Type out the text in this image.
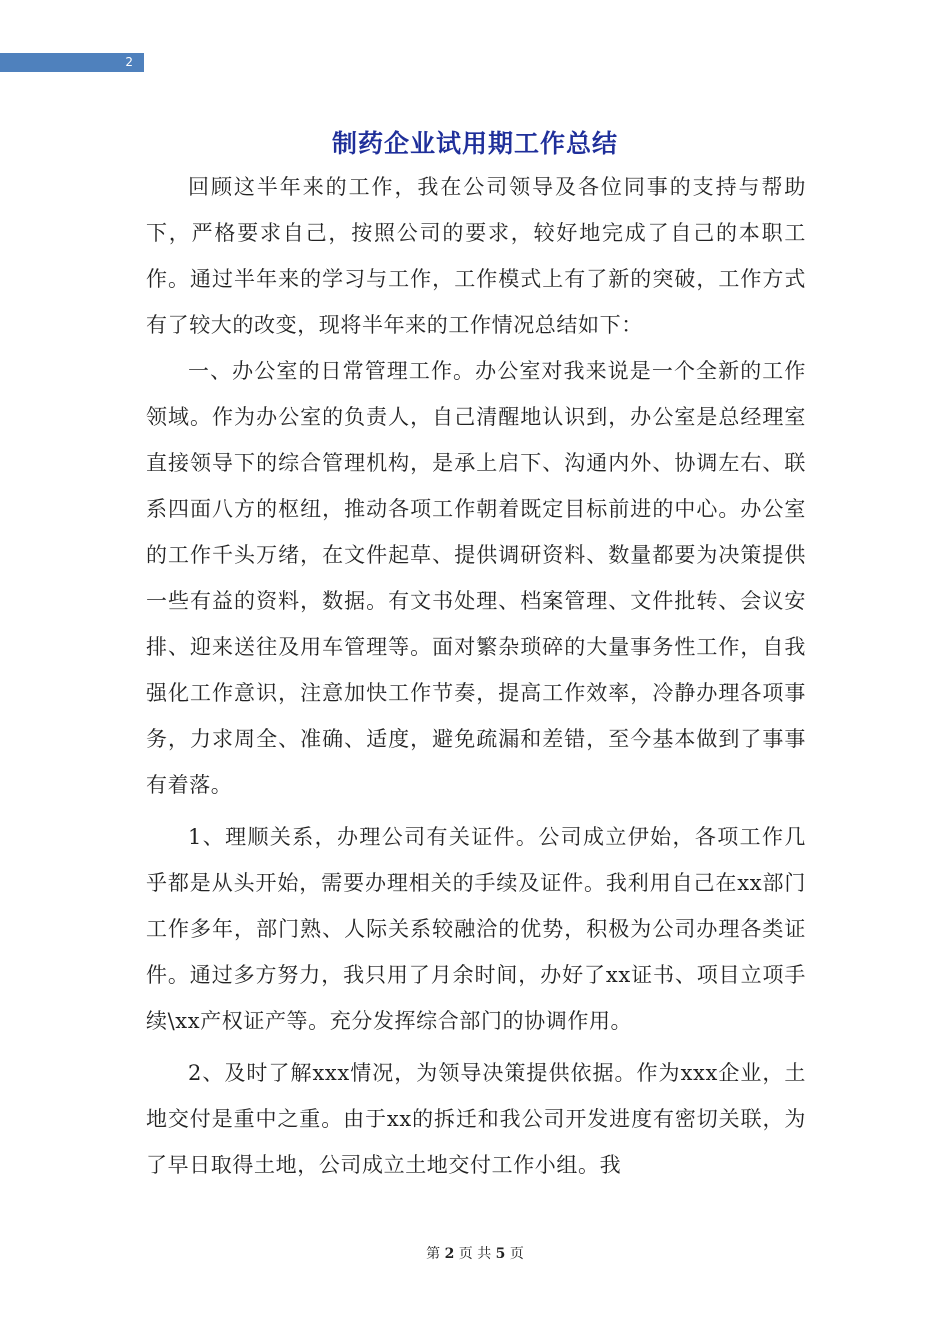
2
制药企业试用期工作总结

回顾这半年来的工作，我在公司领导及各位同事的支持与帮助下，严格要求自己，按照公司的要求，较好地完成了自己的本职工作。通过半年来的学习与工作，工作模式上有了新的突破，工作方式有了较大的改变，现将半年来的工作情况总结如下：

一、办公室的日常管理工作。办公室对我来说是一个全新的工作领域。作为办公室的负责人，自己清醒地认识到，办公室是总经理室直接领导下的综合管理机构，是承上启下、沟通内外、协调左右、联系四面八方的枢纽，推动各项工作朝着既定目标前进的中心。办公室的工作千头万绪，在文件起草、提供调研资料、数量都要为决策提供一些有益的资料，数据。有文书处理、档案管理、文件批转、会议安排、迎来送往及用车管理等。面对繁杂琐碎的大量事务性工作，自我强化工作意识，注意加快工作节奏，提高工作效率，冷静办理各项事务，力求周全、准确、适度，避免疏漏和差错，至今基本做到了事事有着落。

1、理顺关系，办理公司有关证件。公司成立伊始，各项工作几乎都是从头开始，需要办理相关的手续及证件。我利用自己在xx部门工作多年，部门熟、人际关系较融洽的优势，积极为公司办理各类证件。通过多方努力，我只用了月余时间，办好了xx证书、项目立项手续\xx产权证产等。充分发挥综合部门的协调作用。

2、及时了解xxx情况，为领导决策提供依据。作为xxx企业，土地交付是重中之重。由于xx的拆迁和我公司开发进度有密切关联，为了早日取得土地，公司成立土地交付工作小组。我

第 2 页 共 5 页
